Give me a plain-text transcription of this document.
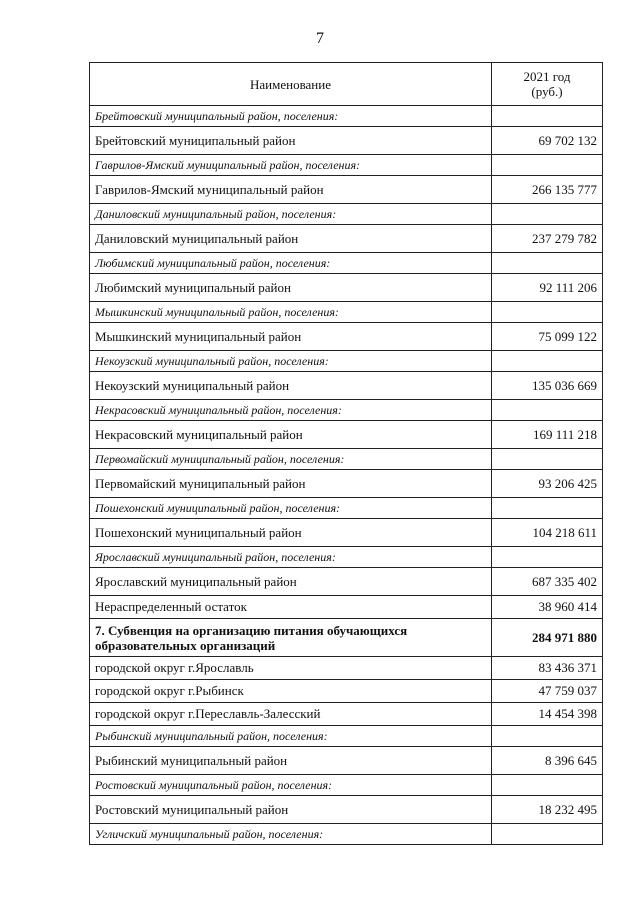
7
Наименование	2021 год
(руб.)
Брейтовский муниципальный район, поселения:	
Брейтовский муниципальный район	69 702 132
Гаврилов-Ямский муниципальный район, поселения:	
Гаврилов-Ямский муниципальный район	266 135 777
Даниловский муниципальный район, поселения:	
Даниловский муниципальный район	237 279 782
Любимский муниципальный район, поселения:	
Любимский муниципальный район	92 111 206
Мышкинский муниципальный район, поселения:	
Мышкинский муниципальный район	75 099 122
Некоузский муниципальный район, поселения:	
Некоузский муниципальный район	135 036 669
Некрасовский муниципальный район, поселения:	
Некрасовский муниципальный район	169 111 218
Первомайский муниципальный район, поселения:	
Первомайский муниципальный район	93 206 425
Пошехонский муниципальный район, поселения:	
Пошехонский муниципальный район	104 218 611
Ярославский муниципальный район, поселения:	
Ярославский муниципальный район	687 335 402
Нераспределенный остаток	38 960 414
7. Субвенция на организацию питания обучающихся образовательных организаций	284 971 880
городской округ г.Ярославль	83 436 371
городской округ г.Рыбинск	47 759 037
городской округ г.Переславль-Залесский	14 454 398
Рыбинский муниципальный район, поселения:	
Рыбинский муниципальный район	8 396 645
Ростовский муниципальный район, поселения:	
Ростовский муниципальный район	18 232 495
Угличский муниципальный район, поселения:	
